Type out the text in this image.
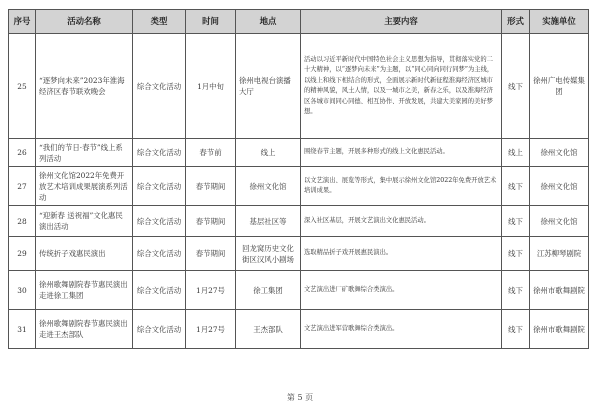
序号	活动名称	类型	时间	地点	主要内容	形式	实施单位
25	“逐梦向未来”2023年淮海经济区春节联欢晚会	综合文化活动	1月中旬	徐州电视台演播大厅	活动以习近平新时代中国特色社会主义思想为指导，贯彻落实党的二十大精神，以“逐梦向未来”为主题，以“同心同向同行同梦”为主线，以线上和线下相结合的形式，全面展示新时代新征程淮海经济区城市的精神风貌，风土人情，以及一城市之美，新春之乐，以及淮海经济区各城市间同心同德、相互协作、开放发展，共建大美家园的美好梦想。	线下	徐州广电传媒集团
26	“我们的节日·春节”线上系列活动	综合文化活动	春节前	线上	围绕春节主题，开展多种形式的线上文化惠民活动。	线上	徐州文化馆
27	徐州文化馆2022年免费开放艺术培训成果展演系列活动	综合文化活动	春节期间	徐州文化馆	以文艺演出、展览等形式，集中展示徐州文化馆2022年免费开放艺术培训成果。	线下	徐州文化馆
28	“迎新春 送祝福”文化惠民演出活动	综合文化活动	春节期间	基层社区等	深入社区基层，开展文艺演出文化惠民活动。	线下	徐州文化馆
29	传统折子戏惠民演出	综合文化活动	春节期间	回龙窝历史文化街区汉风小剧场	选取精品折子戏开展惠民演出。	线下	江苏柳琴剧院
30	徐州歌舞剧院春节惠民演出走进徐工集团	综合文化活动	1月27号	徐工集团	文艺演出进厂矿歌舞综合类演出。	线下	徐州市歌舞剧院
31	徐州歌舞剧院春节惠民演出走进王杰部队	综合文化活动	1月27号	王杰部队	文艺演出进军营歌舞综合类演出。	线下	徐州市歌舞剧院
第 5 页
